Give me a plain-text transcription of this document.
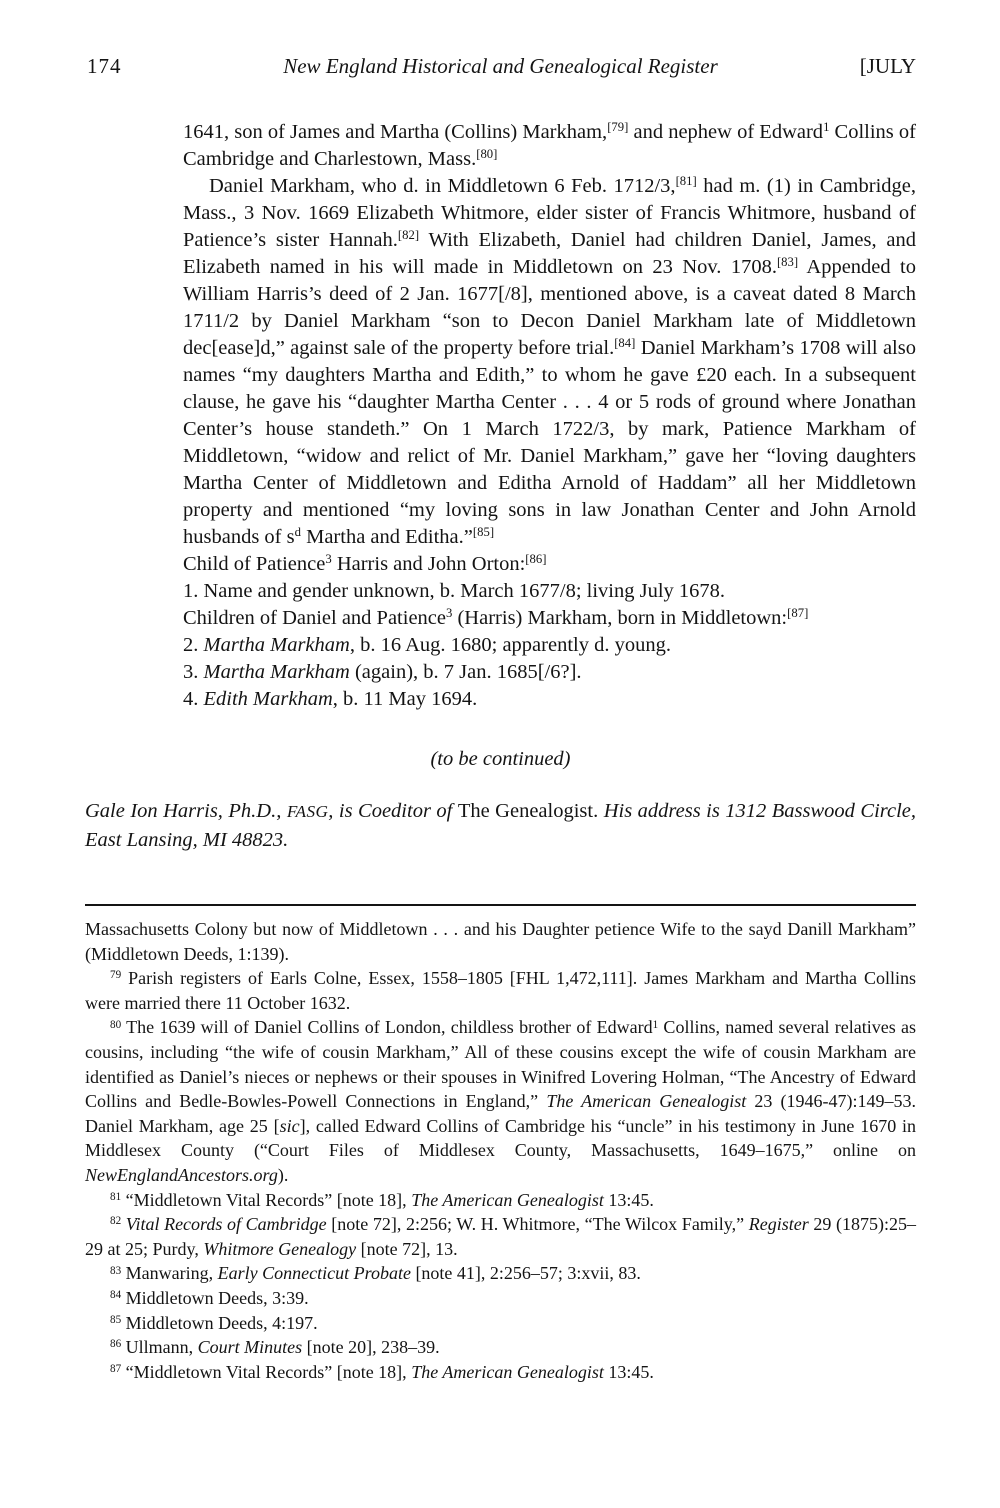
174	New England Historical and Genealogical Register	[JULY

1641, son of James and Martha (Collins) Markham,[79] and nephew of Edward$^1$ Collins of Cambridge and Charlestown, Mass.[80]

Daniel Markham, who d. in Middletown 6 Feb. 1712/3,[81] had m. (1) in Cambridge, Mass., 3 Nov. 1669 Elizabeth Whitmore, elder sister of Francis Whitmore, husband of Patience’s sister Hannah.[82] With Elizabeth, Daniel had children Daniel, James, and Elizabeth named in his will made in Middletown on 23 Nov. 1708.[83] Appended to William Harris’s deed of 2 Jan. 1677[/8], mentioned above, is a caveat dated 8 March 1711/2 by Daniel Markham “son to Decon Daniel Markham late of Middletown dec[ease]d,” against sale of the property before trial.[84] Daniel Markham’s 1708 will also names “my daughters Martha and Edith,” to whom he gave £20 each. In a subsequent clause, he gave his “daughter Martha Center . . . 4 or 5 rods of ground where Jonathan Center’s house standeth.” On 1 March 1722/3, by mark, Patience Markham of Middletown, “widow and relict of Mr. Daniel Markham,” gave her “loving daughters Martha Center of Middletown and Editha Arnold of Haddam” all her Middletown property and mentioned “my loving sons in law Jonathan Center and John Arnold husbands of $s^d$ Martha and Editha.”[85]

Child of Patience$^3$ Harris and John Orton:[86]
1. Name and gender unknown, b. March 1677/8; living July 1678.
Children of Daniel and Patience$^3$ (Harris) Markham, born in Middletown:[87]
2. Martha Markham, b. 16 Aug. 1680; apparently d. young.
3. Martha Markham (again), b. 7 Jan. 1685[/6?].
4. Edith Markham, b. 11 May 1694.
(to be continued)
Gale Ion Harris, Ph.D., FASG, is Coeditor of The Genealogist. His address is 1312 Basswood Circle, East Lansing, MI 48823.

Massachusetts Colony but now of Middletown . . . and his Daughter petience Wife to the sayd Danill Markham” (Middletown Deeds, 1:139).

$^{79}$ Parish registers of Earls Colne, Essex, 1558–1805 [FHL 1,472,111]. James Markham and Martha Collins were married there 11 October 1632.

$^{80}$ The 1639 will of Daniel Collins of London, childless brother of Edward$^1$ Collins, named several relatives as cousins, including “the wife of cousin Markham,” All of these cousins except the wife of cousin Markham are identified as Daniel’s nieces or nephews or their spouses in Winifred Lovering Holman, “The Ancestry of Edward Collins and Bedle-Bowles-Powell Connections in England,” The American Genealogist 23 (1946-47):149–53. Daniel Markham, age 25 [sic], called Edward Collins of Cambridge his “uncle” in his testimony in June 1670 in Middlesex County (“Court Files of Middlesex County, Massachusetts, 1649–1675,” online on NewEnglandAncestors.org).

$^{81}$ “Middletown Vital Records” [note 18], The American Genealogist 13:45.

$^{82}$ Vital Records of Cambridge [note 72], 2:256; W. H. Whitmore, “The Wilcox Family,” Register 29 (1875):25–29 at 25; Purdy, Whitmore Genealogy [note 72], 13.

$^{83}$ Manwaring, Early Connecticut Probate [note 41], 2:256–57; 3:xvii, 83.

$^{84}$ Middletown Deeds, 3:39.

$^{85}$ Middletown Deeds, 4:197.

$^{86}$ Ullmann, Court Minutes [note 20], 238–39.

$^{87}$ “Middletown Vital Records” [note 18], The American Genealogist 13:45.
